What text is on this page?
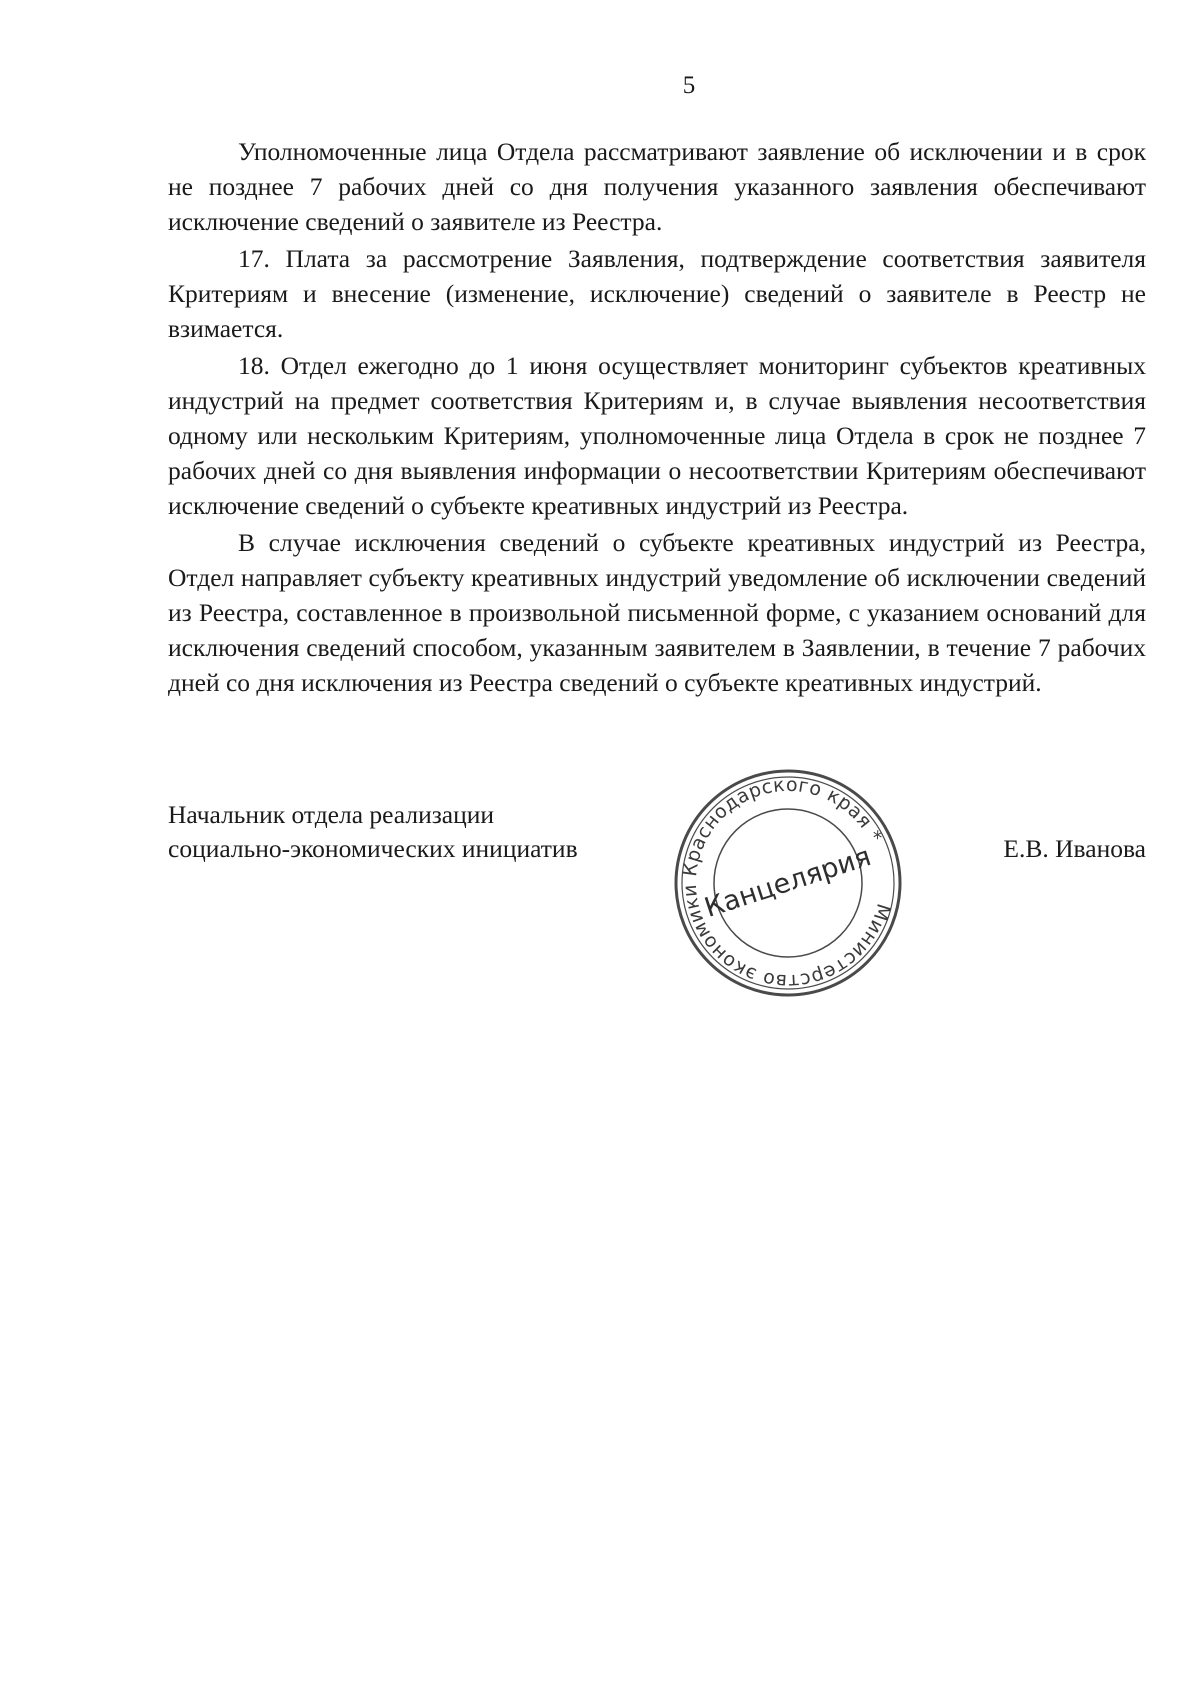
5

Уполномоченные лица Отдела рассматривают заявление об исключении и в срок не позднее 7 рабочих дней со дня получения указанного заявления обеспечивают исключение сведений о заявителе из Реестра.

17. Плата за рассмотрение Заявления, подтверждение соответствия заявителя Критериям и внесение (изменение, исключение) сведений о заявителе в Реестр не взимается.

18. Отдел ежегодно до 1 июня осуществляет мониторинг субъектов креативных индустрий на предмет соответствия Критериям и, в случае выявления несоответствия одному или нескольким Критериям, уполномоченные лица Отдела в срок не позднее 7 рабочих дней со дня выявления информации о несоответствии Критериям обеспечивают исключение сведений о субъекте креативных индустрий из Реестра.

В случае исключения сведений о субъекте креативных индустрий из Реестра, Отдел направляет субъекту креативных индустрий уведомление об исключении сведений из Реестра, составленное в произвольной письменной форме, с указанием оснований для исключения сведений способом, указанным заявителем в Заявлении, в течение 7 рабочих дней со дня исключения из Реестра сведений о субъекте креативных индустрий.

Начальник отдела реализации
социально-экономических инициатив	Е.В. Иванова
Министерство экономики Краснодарского края *
Канцелярия
